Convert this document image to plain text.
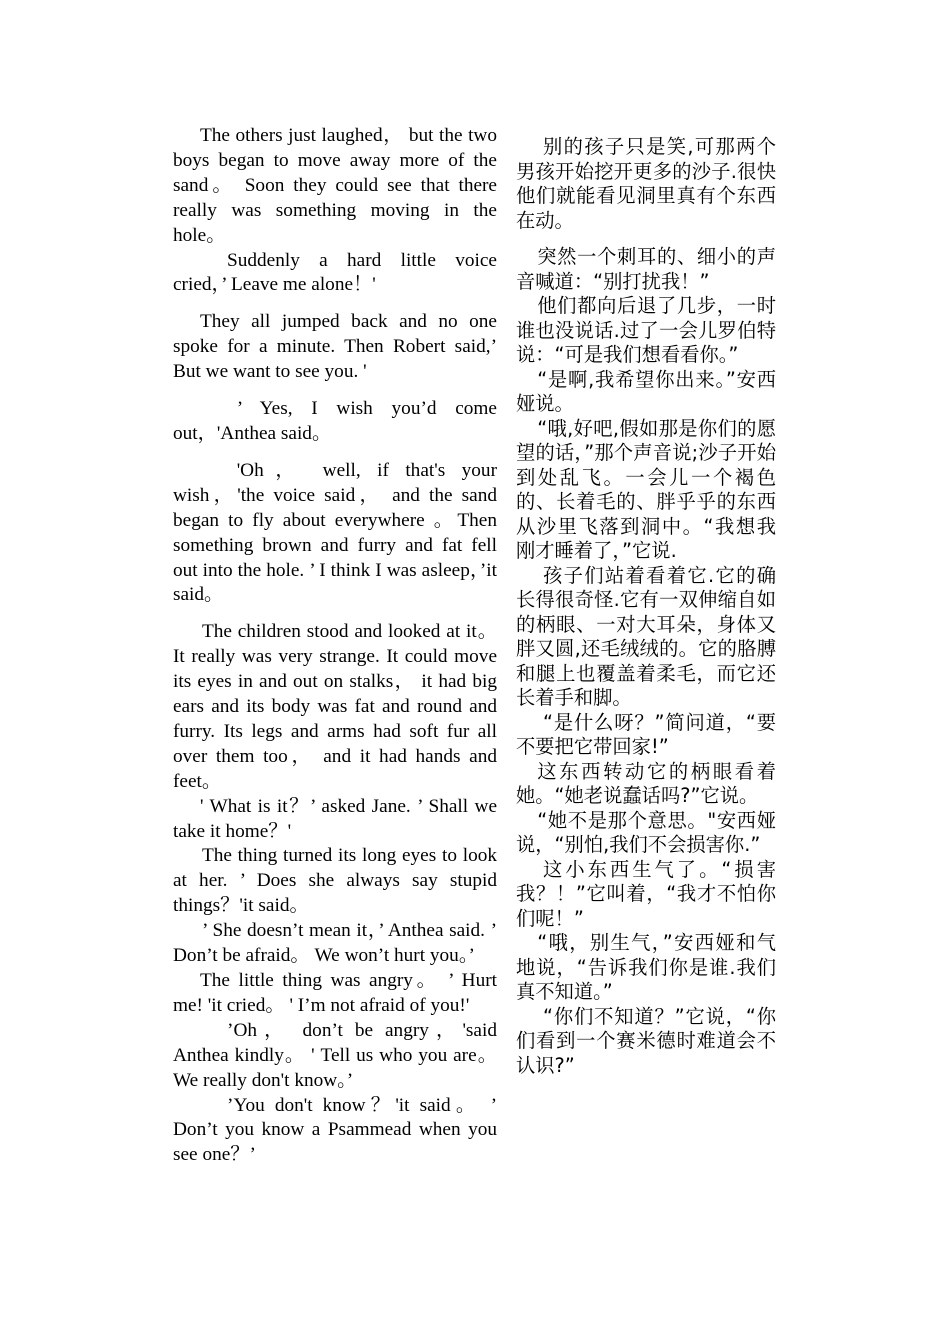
The others just laughed， but the two boys began to move away more of the sand。 Soon they could see that there really was something moving in the hole。

Suddenly a hard little voice cried，’ Leave me alone！'

They all jumped back and no one spoke for a minute. Then Robert said,’ But we want to see you. '

’ Yes, I wish you’d come out，'Anthea said。

'Oh， well, if that's your wish，'the voice said， and the sand began to fly about everywhere 。Then something brown and furry and fat fell out into the hole. ’ I think I was asleep，’it said。

The children stood and looked at it。 It really was very strange. It could move its eyes in and out on stalks， it had big ears and its body was fat and round and furry. Its legs and arms had soft fur all over them too， and it had hands and feet。

' What is it？’ asked Jane. ’ Shall we take it home？'

The thing turned its long eyes to look at her. ’ Does she always say stupid things？'it said。

’ She doesn’t mean it，’ Anthea said. ’ Don’t be afraid。 We won’t hurt you。’

The little thing was angry。 ’ Hurt me! 'it cried。 ' I’m not afraid of you!'

’Oh， don’t be angry，'said Anthea kindly。 ' Tell us who you are。 We really don't know。’

’You don't know？'it said。 ’ Don’t you know a Psammead when you see one？’

别的孩子只是笑,可那两个男孩开始挖开更多的沙子.很快他们就能看见洞里真有个东西在动。

突然一个刺耳的、细小的声音喊道：“别打扰我！”

他们都向后退了几步，一时谁也没说话.过了一会儿罗伯特说：“可是我们想看看你。”

“是啊,我希望你出来。”安西娅说。

“哦,好吧,假如那是你们的愿望的话，”那个声音说;沙子开始到处乱飞。一会儿一个褐色的、长着毛的、胖乎乎的东西从沙里飞落到洞中。“我想我刚才睡着了，”它说.

孩子们站着看着它.它的确长得很奇怪.它有一双伸缩自如的柄眼、一对大耳朵，身体又胖又圆,还毛绒绒的。它的胳膊和腿上也覆盖着柔毛，而它还长着手和脚。

“是什么呀？”简问道，“要不要把它带回家!”

这东西转动它的柄眼看着她。“她老说蠢话吗?”它说。

“她不是那个意思。"安西娅说，“别怕,我们不会损害你.”

这小东西生气了。“损害我？！”它叫着，“我才不怕你们呢！”

“哦，别生气，”安西娅和气地说，“告诉我们你是谁.我们真不知道。”

“你们不知道？”它说，“你们看到一个赛米德时难道会不认识?”
